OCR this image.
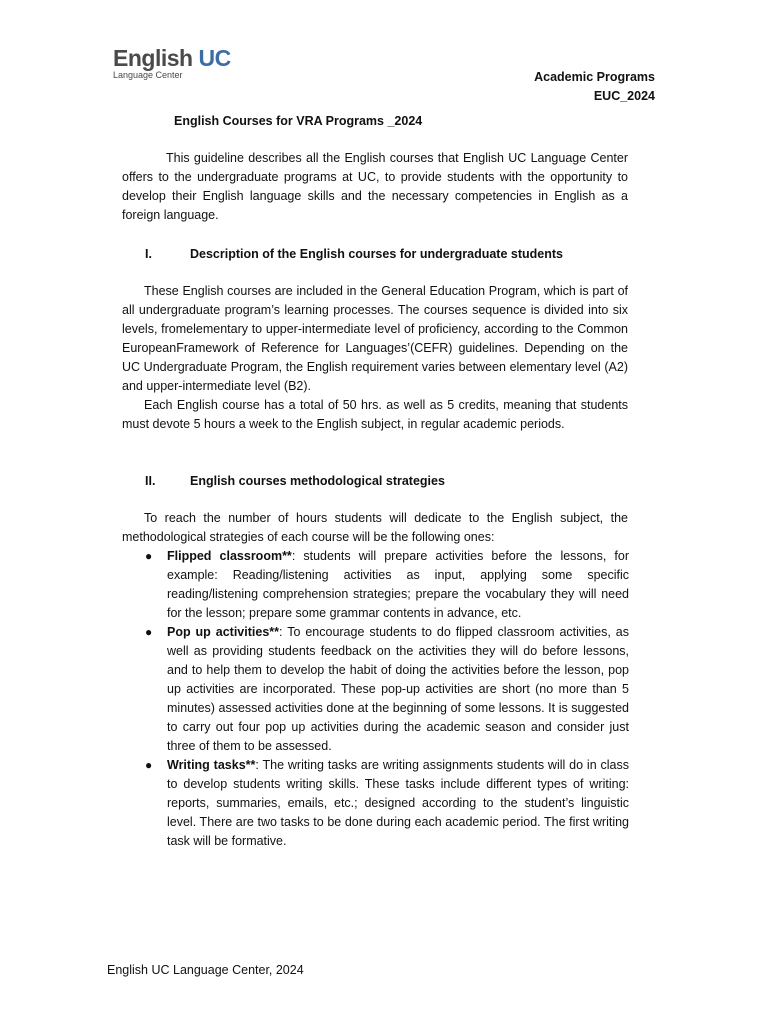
English UC
Language Center	Academic Programs
EUC_2024
English Courses for VRA Programs _2024
This guideline describes all the English courses that English UC Language Center offers to the undergraduate programs at UC, to provide students with the opportunity to develop their English language skills and the necessary competencies in English as a foreign language.
I.	Description of the English courses for undergraduate students
These English courses are included in the General Education Program, which is part of all undergraduate program’s learning processes. The courses sequence is divided into six levels, fromelementary to upper-intermediate level of proficiency, according to the Common EuropeanFramework of Reference for Languages’(CEFR) guidelines. Depending on the UC Undergraduate Program, the English requirement varies between elementary level (A2) and upper-intermediate level (B2).
Each English course has a total of 50 hrs. as well as 5 credits, meaning that students must devote 5 hours a week to the English subject, in regular academic periods.
II.	English courses methodological strategies
To reach the number of hours students will dedicate to the English subject, the methodological strategies of each course will be the following ones:
● Flipped classroom**: students will prepare activities before the lessons, for example: Reading/listening activities as input, applying some specific reading/listening comprehension strategies; prepare the vocabulary they will need for the lesson; prepare some grammar contents in advance, etc.
● Pop up activities**: To encourage students to do flipped classroom activities, as well as providing students feedback on the activities they will do before lessons, and to help them to develop the habit of doing the activities before the lesson, pop up activities are incorporated. These pop-up activities are short (no more than 5 minutes) assessed activities done at the beginning of some lessons. It is suggested to carry out four pop up activities during the academic season and consider just three of them to be assessed.
● Writing tasks**: The writing tasks are writing assignments students will do in class to develop students writing skills. These tasks include different types of writing: reports, summaries, emails, etc.; designed according to the student’s linguistic level. There are two tasks to be done during each academic period. The first writing task will be formative.
English UC Language Center, 2024
